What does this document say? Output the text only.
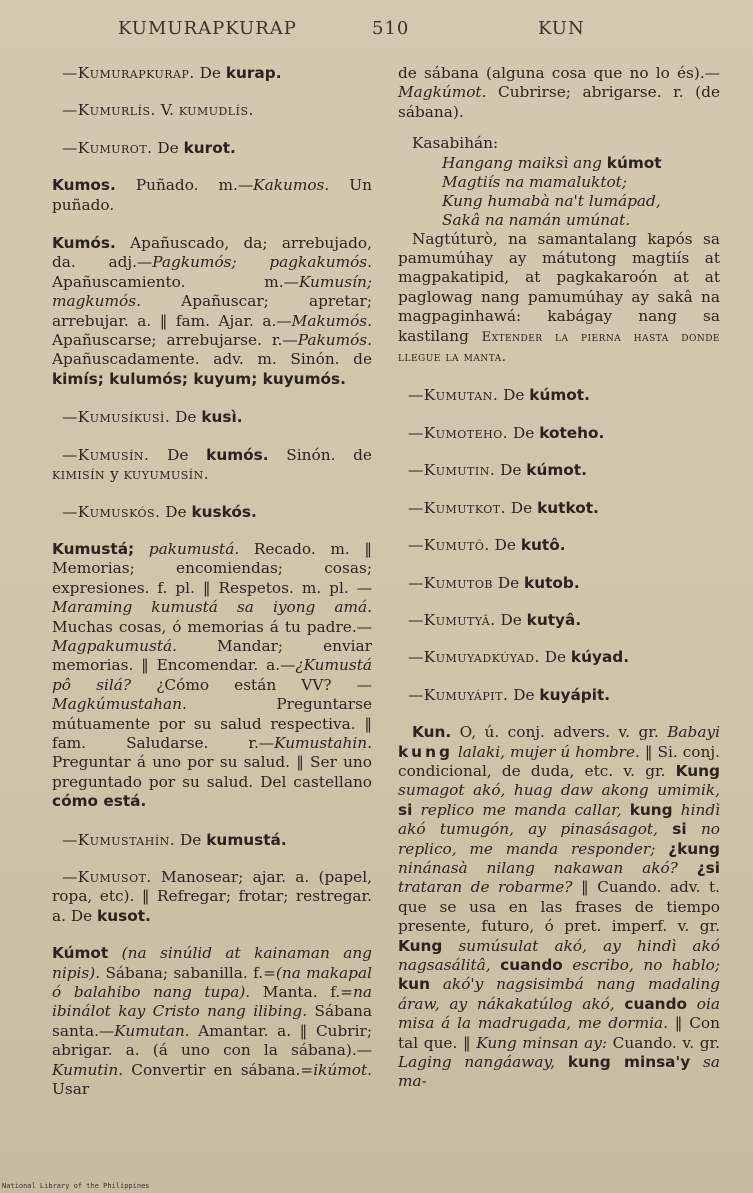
KUMURAPKURAP	510	KUN
—Kumurapkurap. De kurap.
—Kumurlís. V. kumudlís.
—Kumurot. De kurot.
Kumos. Puñado. m.—Kakumos. Un puñado.
Kumós. Apañuscado, da; arrebujado, da. adj.—Pagkumós; pagkakumós. Apañuscamiento. m.—Kumusín; magkumós.	Apañuscar; apretar; arrebujar. a. ‖ fam. Ajar. a.—Makumós. Apañuscarse; arrebujarse. r.—Pakumós. Apañuscadamente. adv. m. Sinón. de kimís; kulumós; kuyum; kuyumós.
—Kumusíkusì. De kusì.
—Kumusín. De kumós. Sinón. de kimisín y kuyumusín.
—Kumuskós. De kuskós.
Kumustá; pakumustá. Recado. m. ‖ Memorias; encomiendas; cosas; expresiones. f. pl. ‖ Respetos. m. pl. —Maraming kumustá sa iyong amá. Muchas cosas, ó memorias á tu padre.—Magpakumustá.	Mandar; enviar memorias. ‖ Encomendar. a.—¿Kumustá pô silá? ¿Cómo están VV? —Magkúmustahan.	Preguntarse mútuamente por su salud respectiva. ‖ fam. Saludarse. r.—Kumustahin. Preguntar á uno por su salud. ‖ Ser uno preguntado por su salud. Del castellano cómo está.
—Kumustahín. De kumustá.
—Kumusot. Manosear; ajar. a. (papel, ropa, etc). ‖ Refregar; frotar; restregar. a. De kusot.
Kúmot (na sinúlid at kainaman ang nipis). Sábana; sabanilla. f.=(na makapal ó balahibo nang tupa). Manta. f.=na ibinálot kay Cristo nang ilibing. Sábana santa.—Kumutan. Amantar. a. ‖ Cubrir; abrigar. a. (á uno con la sábana).—Kumutin. Convertir en sábana.=ikúmot. Usar
de sábana (alguna cosa que no lo és).—Magkúmot. Cubrirse; abrigarse. r. (de sábana).
Kasabihán:
Hangang maiksì ang kúmot
Magtiís na mamaluktot;
Kung humabà na't lumápad,
Sakâ na namán umúnat.
Nagtúturò, na samantalang kapós sa pamumúhay ay mátutong magtiís at magpakatipid, at pagkakaroón at at paglowag nang pamumúhay ay sakâ na magpaginhawá: kabágay nang sa kastilang Extender la pierna hasta donde llegue la manta.
—Kumutan. De kúmot.
—Kumoteho. De koteho.
—Kumutin. De kúmot.
—Kumutkot. De kutkot.
—Kumutô. De kutô.
—Kumutob De kutob.
—Kumutyâ. De kutyâ.
—Kumuyadkúyad. De kúyad.
—Kumuyápit. De kuyápit.
Kun. O, ú. conj. advers. v. gr. Babayi kung lalaki, mujer ú hombre. ‖ Si. conj. condicional, de duda, etc. v. gr. Kung sumagot akó, huag daw akong umimik, si replico me manda callar, kung hindì akó tumugón, ay pinasásagot, si no replico, me manda responder; ¿kung ninánasà nilang nakawan akó? ¿si trataran de robarme? ‖ Cuando. adv. t. que se usa en las frases de tiempo presente, futuro, ó pret. imperf. v. gr. Kung sumúsulat akó, ay hindì akó nagsasálitâ, cuando escribo, no hablo; kun akó'y nagsisimbá nang madaling áraw, ay nákakatúlog akó, cuando oia misa á la madrugada, me dormia. ‖ Con tal que. ‖ Kung minsan ay: Cuando. v. gr. Laging nangáaway, kung minsa'y sa ma-
National Library of the Philippines
